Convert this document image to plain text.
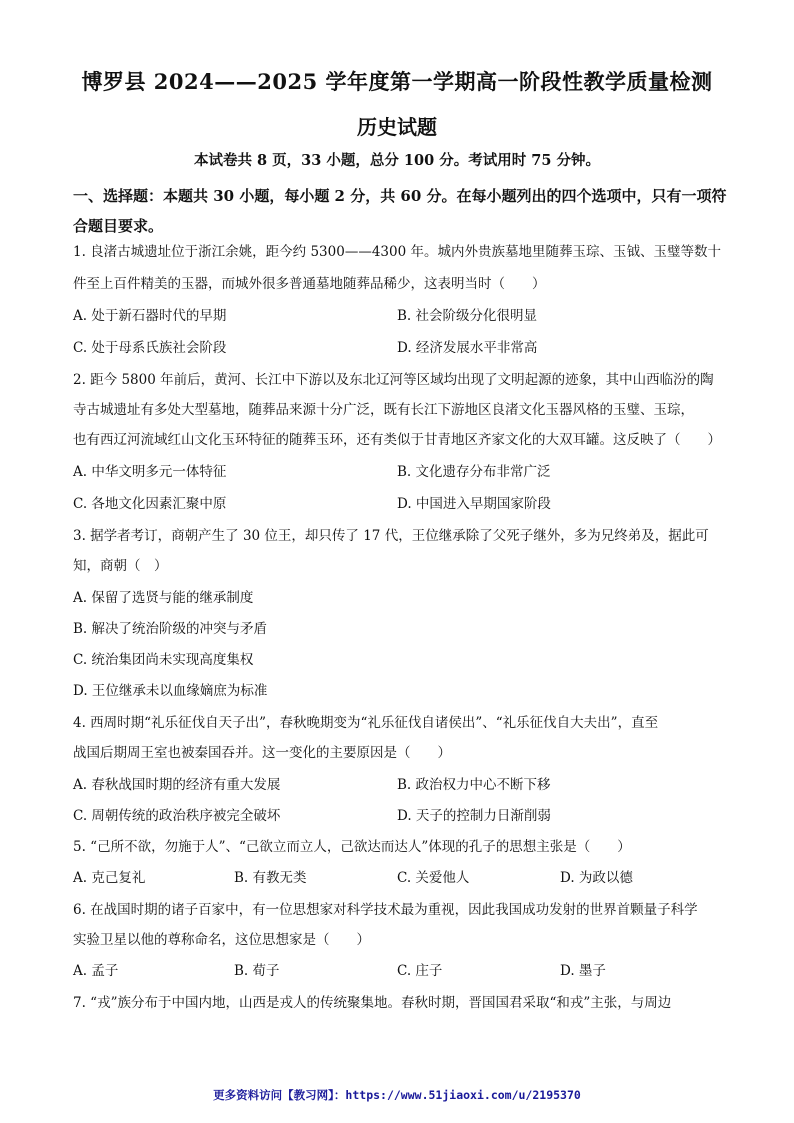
博罗县 2024——2025 学年度第一学期高一阶段性教学质量检测
历史试题
本试卷共 8 页，33 小题，总分 100 分。考试用时 75 分钟。
一、选择题：本题共 30 小题，每小题 2 分，共 60 分。在每小题列出的四个选项中，只有一项符合题目要求。
1. 良渚古城遗址位于浙江余姚，距今约 5300——4300 年。城内外贵族墓地里随葬玉琮、玉钺、玉璧等数十
件至上百件精美的玉器，而城外很多普通墓地随葬品稀少，这表明当时（　　）
A. 处于新石器时代的早期	B. 社会阶级分化很明显
C. 处于母系氏族社会阶段	D. 经济发展水平非常高
2. 距今 5800 年前后，黄河、长江中下游以及东北辽河等区域均出现了文明起源的迹象，其中山西临汾的陶
寺古城遗址有多处大型墓地，随葬品来源十分广泛，既有长江下游地区良渚文化玉器风格的玉璧、玉琮，
也有西辽河流域红山文化玉环特征的随葬玉环，还有类似于甘青地区齐家文化的大双耳罐。这反映了（　　）
A. 中华文明多元一体特征	B. 文化遗存分布非常广泛
C. 各地文化因素汇聚中原	D. 中国进入早期国家阶段
3. 据学者考订，商朝产生了 30 位王，却只传了 17 代，王位继承除了父死子继外，多为兄终弟及，据此可
知，商朝（　）
A. 保留了选贤与能的继承制度
B. 解决了统治阶级的冲突与矛盾
C. 统治集团尚未实现高度集权
D. 王位继承未以血缘嫡庶为标准
4. 西周时期“礼乐征伐自天子出”，春秋晚期变为“礼乐征伐自诸侯出”、“礼乐征伐自大夫出”，直至
战国后期周王室也被秦国吞并。这一变化的主要原因是（　　）
A. 春秋战国时期的经济有重大发展	B. 政治权力中心不断下移
C. 周朝传统的政治秩序被完全破坏	D. 天子的控制力日渐削弱
5. “己所不欲，勿施于人”、“己欲立而立人，己欲达而达人”体现的孔子的思想主张是（　　）
A. 克己复礼	B. 有教无类	C. 关爱他人	D. 为政以德
6. 在战国时期的诸子百家中，有一位思想家对科学技术最为重视，因此我国成功发射的世界首颗量子科学
实验卫星以他的尊称命名，这位思想家是（　　）
A. 孟子	B. 荀子	C. 庄子	D. 墨子
7. “戎”族分布于中国内地，山西是戎人的传统聚集地。春秋时期，晋国国君采取“和戎”主张，与周边
更多资料访问【教习网】：https://www.51jiaoxi.com/u/2195370
